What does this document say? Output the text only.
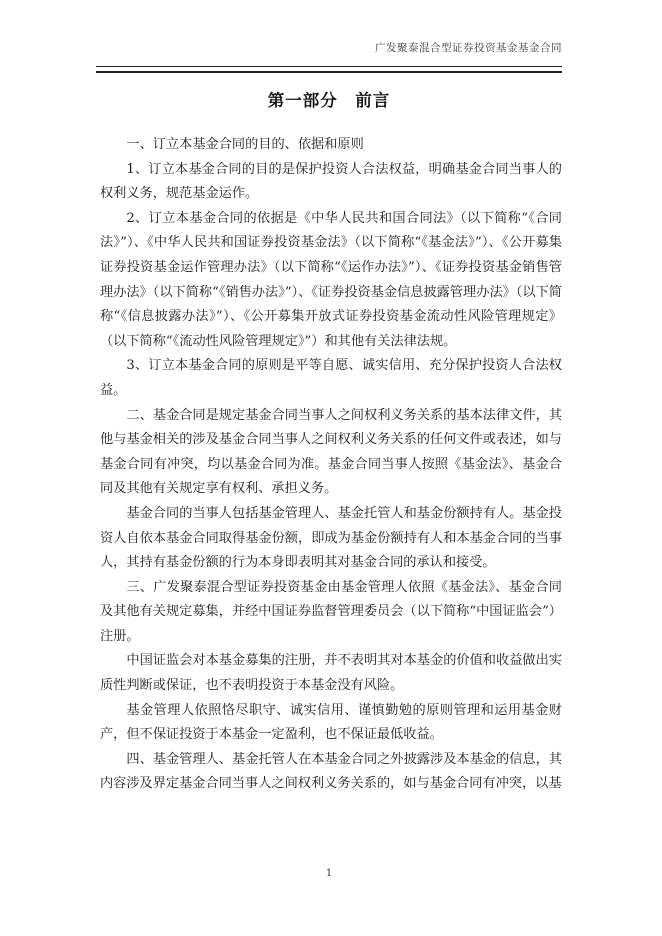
广发聚泰混合型证券投资基金基金合同
第一部分　前言

一、订立本基金合同的目的、依据和原则

1、订立本基金合同的目的是保护投资人合法权益，明确基金合同当事人的权利义务，规范基金运作。

2、订立本基金合同的依据是《中华人民共和国合同法》（以下简称“《合同法》”）、《中华人民共和国证券投资基金法》（以下简称“《基金法》”）、《公开募集证券投资基金运作管理办法》（以下简称“《运作办法》”）、《证券投资基金销售管理办法》（以下简称“《销售办法》”）、《证券投资基金信息披露管理办法》（以下简称“《信息披露办法》”）、《公开募集开放式证券投资基金流动性风险管理规定》（以下简称“《流动性风险管理规定》”）和其他有关法律法规。

3、订立本基金合同的原则是平等自愿、诚实信用、充分保护投资人合法权益。

二、基金合同是规定基金合同当事人之间权利义务关系的基本法律文件，其他与基金相关的涉及基金合同当事人之间权利义务关系的任何文件或表述，如与基金合同有冲突，均以基金合同为准。基金合同当事人按照《基金法》、基金合同及其他有关规定享有权利、承担义务。

基金合同的当事人包括基金管理人、基金托管人和基金份额持有人。基金投资人自依本基金合同取得基金份额，即成为基金份额持有人和本基金合同的当事人，其持有基金份额的行为本身即表明其对基金合同的承认和接受。

三、广发聚泰混合型证券投资基金由基金管理人依照《基金法》、基金合同及其他有关规定募集，并经中国证券监督管理委员会（以下简称“中国证监会”）注册。

中国证监会对本基金募集的注册，并不表明其对本基金的价值和收益做出实质性判断或保证，也不表明投资于本基金没有风险。

基金管理人依照恪尽职守、诚实信用、谨慎勤勉的原则管理和运用基金财产，但不保证投资于本基金一定盈利，也不保证最低收益。

四、基金管理人、基金托管人在本基金合同之外披露涉及本基金的信息，其内容涉及界定基金合同当事人之间权利义务关系的，如与基金合同有冲突，以基

1
